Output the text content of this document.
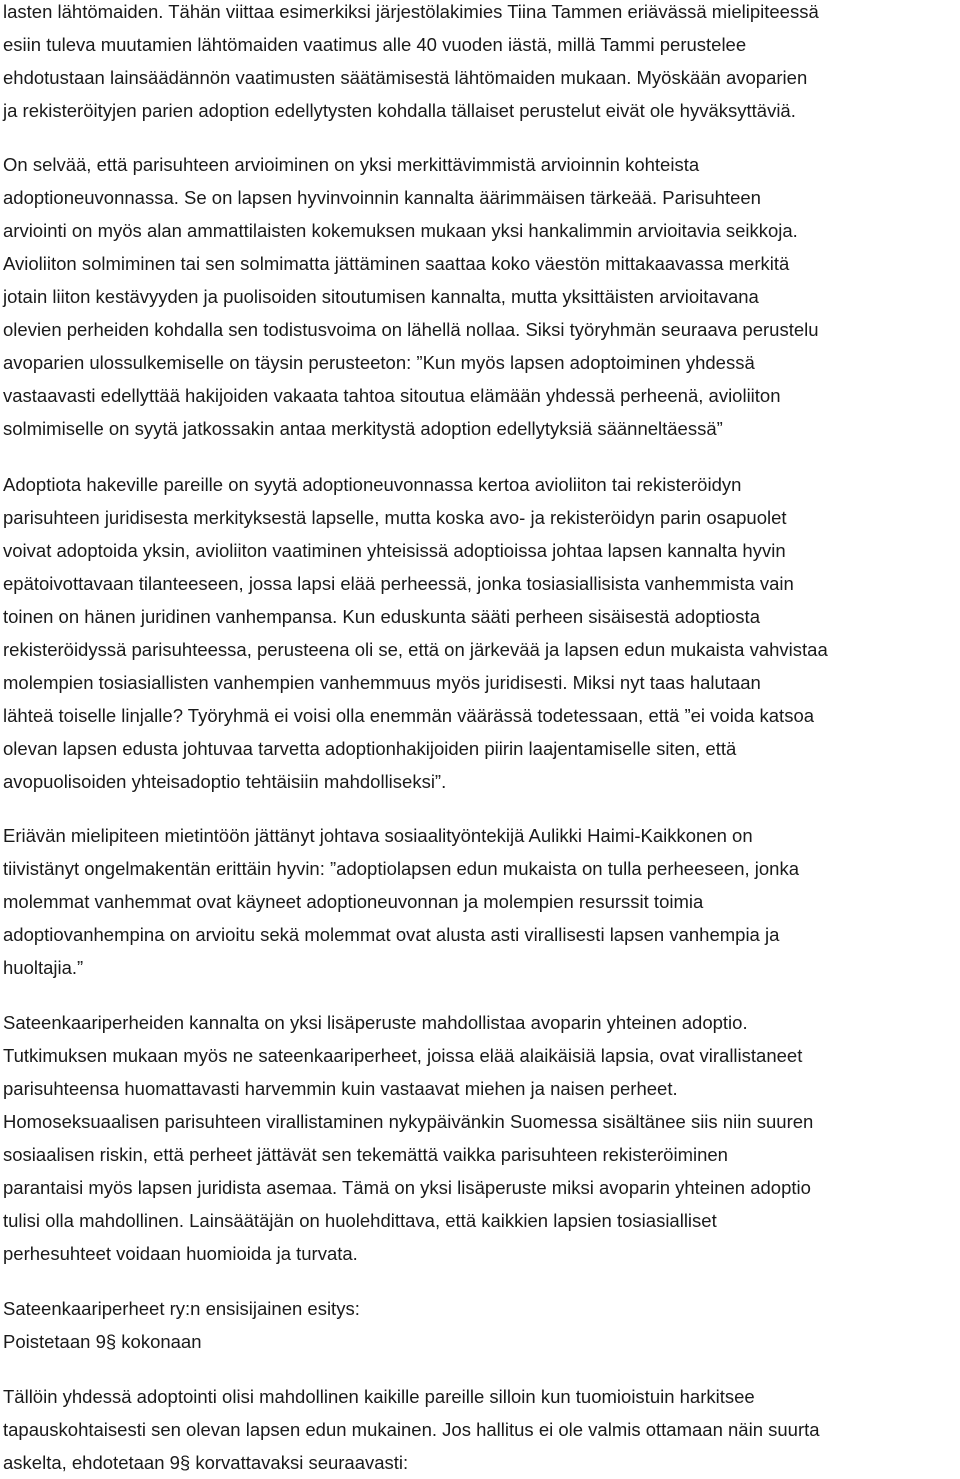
lasten lähtömaiden. Tähän viittaa esimerkiksi järjestölakimies Tiina Tammen eriävässä mielipiteessä
esiin tuleva muutamien lähtömaiden vaatimus alle 40 vuoden iästä, millä Tammi perustelee
ehdotustaan lainsäädännön vaatimusten säätämisestä lähtömaiden mukaan. Myöskään avoparien
ja rekisteröityjen parien adoption edellytysten kohdalla tällaiset perustelut eivät ole hyväksyttäviä.
On selvää, että parisuhteen arvioiminen on yksi merkittävimmistä arvioinnin kohteista
adoptioneuvonnassa. Se on lapsen hyvinvoinnin kannalta äärimmäisen tärkeää. Parisuhteen
arviointi on myös alan ammattilaisten kokemuksen mukaan yksi hankalimmin arvioitavia seikkoja.
Avioliiton solmiminen tai sen solmimatta jättäminen saattaa koko väestön mittakaavassa merkitä
jotain liiton kestävyyden ja puolisoiden sitoutumisen kannalta, mutta yksittäisten arvioitavana
olevien perheiden kohdalla sen todistusvoima on lähellä nollaa. Siksi työryhmän seuraava perustelu
avoparien ulossulkemiselle on täysin perusteeton: ”Kun myös lapsen adoptoiminen yhdessä
vastaavasti edellyttää hakijoiden vakaata tahtoa sitoutua elämään yhdessä perheenä, avioliiton
solmimiselle on syytä jatkossakin antaa merkitystä adoption edellytyksiä säänneltäessä”
Adoptiota hakeville pareille on syytä adoptioneuvonnassa kertoa avioliiton tai rekisteröidyn
parisuhteen juridisesta merkityksestä lapselle, mutta koska avo- ja rekisteröidyn parin osapuolet
voivat adoptoida yksin, avioliiton vaatiminen yhteisissä adoptioissa johtaa lapsen kannalta hyvin
epätoivottavaan tilanteeseen, jossa lapsi elää perheessä, jonka tosiasiallisista vanhemmista vain
toinen on hänen juridinen vanhempansa. Kun eduskunta sääti perheen sisäisestä adoptiosta
rekisteröidyssä parisuhteessa, perusteena oli se, että on järkevää ja lapsen edun mukaista vahvistaa
molempien tosiasiallisten vanhempien vanhemmuus myös juridisesti. Miksi nyt taas halutaan
lähteä toiselle linjalle? Työryhmä ei voisi olla enemmän väärässä todetessaan, että ”ei voida katsoa
olevan lapsen edusta johtuvaa tarvetta adoptionhakijoiden piirin laajentamiselle siten, että
avopuolisoiden yhteisadoptio tehtäisiin mahdolliseksi”.
Eriävän mielipiteen mietintöön jättänyt johtava sosiaalityöntekijä Aulikki Haimi-Kaikkonen on
tiivistänyt ongelmakentän erittäin hyvin: ”adoptiolapsen edun mukaista on tulla perheeseen, jonka
molemmat vanhemmat ovat käyneet adoptioneuvonnan ja molempien resurssit toimia
adoptiovanhempina on arvioitu sekä molemmat ovat alusta asti virallisesti lapsen vanhempia ja
huoltajia.”
Sateenkaariperheiden kannalta on yksi lisäperuste mahdollistaa avoparin yhteinen adoptio.
Tutkimuksen mukaan myös ne sateenkaariperheet, joissa elää alaikäisiä lapsia, ovat virallistaneet
parisuhteensa huomattavasti harvemmin kuin vastaavat miehen ja naisen perheet.
Homoseksuaalisen parisuhteen virallistaminen nykypäivänkin Suomessa sisältänee siis niin suuren
sosiaalisen riskin, että perheet jättävät sen tekemättä vaikka parisuhteen rekisteröiminen
parantaisi myös lapsen juridista asemaa. Tämä on yksi lisäperuste miksi avoparin yhteinen adoptio
tulisi olla mahdollinen. Lainsäätäjän on huolehdittava, että kaikkien lapsien tosiasialliset
perhesuhteet voidaan huomioida ja turvata.
Sateenkaariperheet ry:n ensisijainen esitys:
Poistetaan 9§ kokonaan
Tällöin yhdessä adoptointi olisi mahdollinen kaikille pareille silloin kun tuomioistuin harkitsee
tapauskohtaisesti sen olevan lapsen edun mukainen. Jos hallitus ei ole valmis ottamaan näin suurta
askelta, ehdotetaan 9§ korvattavaksi seuraavasti:
